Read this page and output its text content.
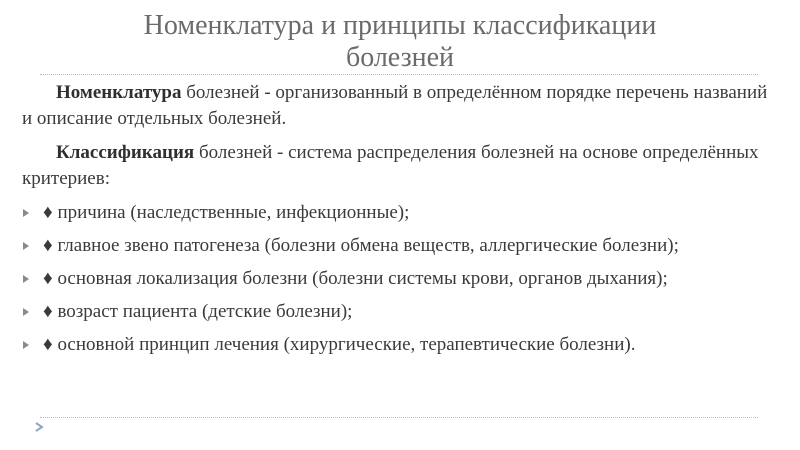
Номенклатура и принципы классификации
болезней

Номенклатура болезней - организованный в определённом порядке перечень названий и описание отдельных болезней.

Классификация болезней - система распределения болезней на основе определённых критериев:

♦ причина (наследственные, инфекционные);
♦ главное звено патогенеза (болезни обмена веществ, аллергические болезни);
♦ основная локализация болезни (болезни системы крови, органов дыхания);
♦ возраст пациента (детские болезни);
♦ основной принцип лечения (хирургические, терапевтические болезни).
